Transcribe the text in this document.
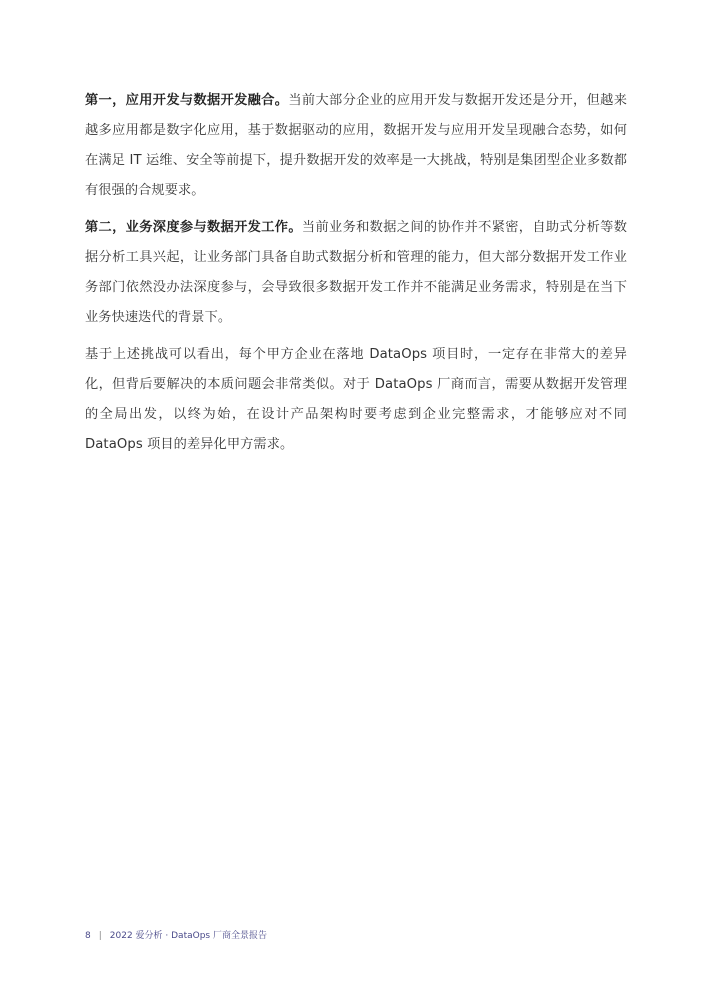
第一，应用开发与数据开发融合。当前大部分企业的应用开发与数据开发还是分开，但越来越多应用都是数字化应用，基于数据驱动的应用，数据开发与应用开发呈现融合态势，如何在满足 IT 运维、安全等前提下，提升数据开发的效率是一大挑战，特别是集团型企业多数都有很强的合规要求。

第二，业务深度参与数据开发工作。当前业务和数据之间的协作并不紧密，自助式分析等数据分析工具兴起，让业务部门具备自助式数据分析和管理的能力，但大部分数据开发工作业务部门依然没办法深度参与，会导致很多数据开发工作并不能满足业务需求，特别是在当下业务快速迭代的背景下。

基于上述挑战可以看出，每个甲方企业在落地 DataOps 项目时，一定存在非常大的差异化，但背后要解决的本质问题会非常类似。对于 DataOps 厂商而言，需要从数据开发管理的全局出发，以终为始，在设计产品架构时要考虑到企业完整需求，才能够应对不同 DataOps 项目的差异化甲方需求。

8 | 2022 爱分析 · DataOps 厂商全景报告
